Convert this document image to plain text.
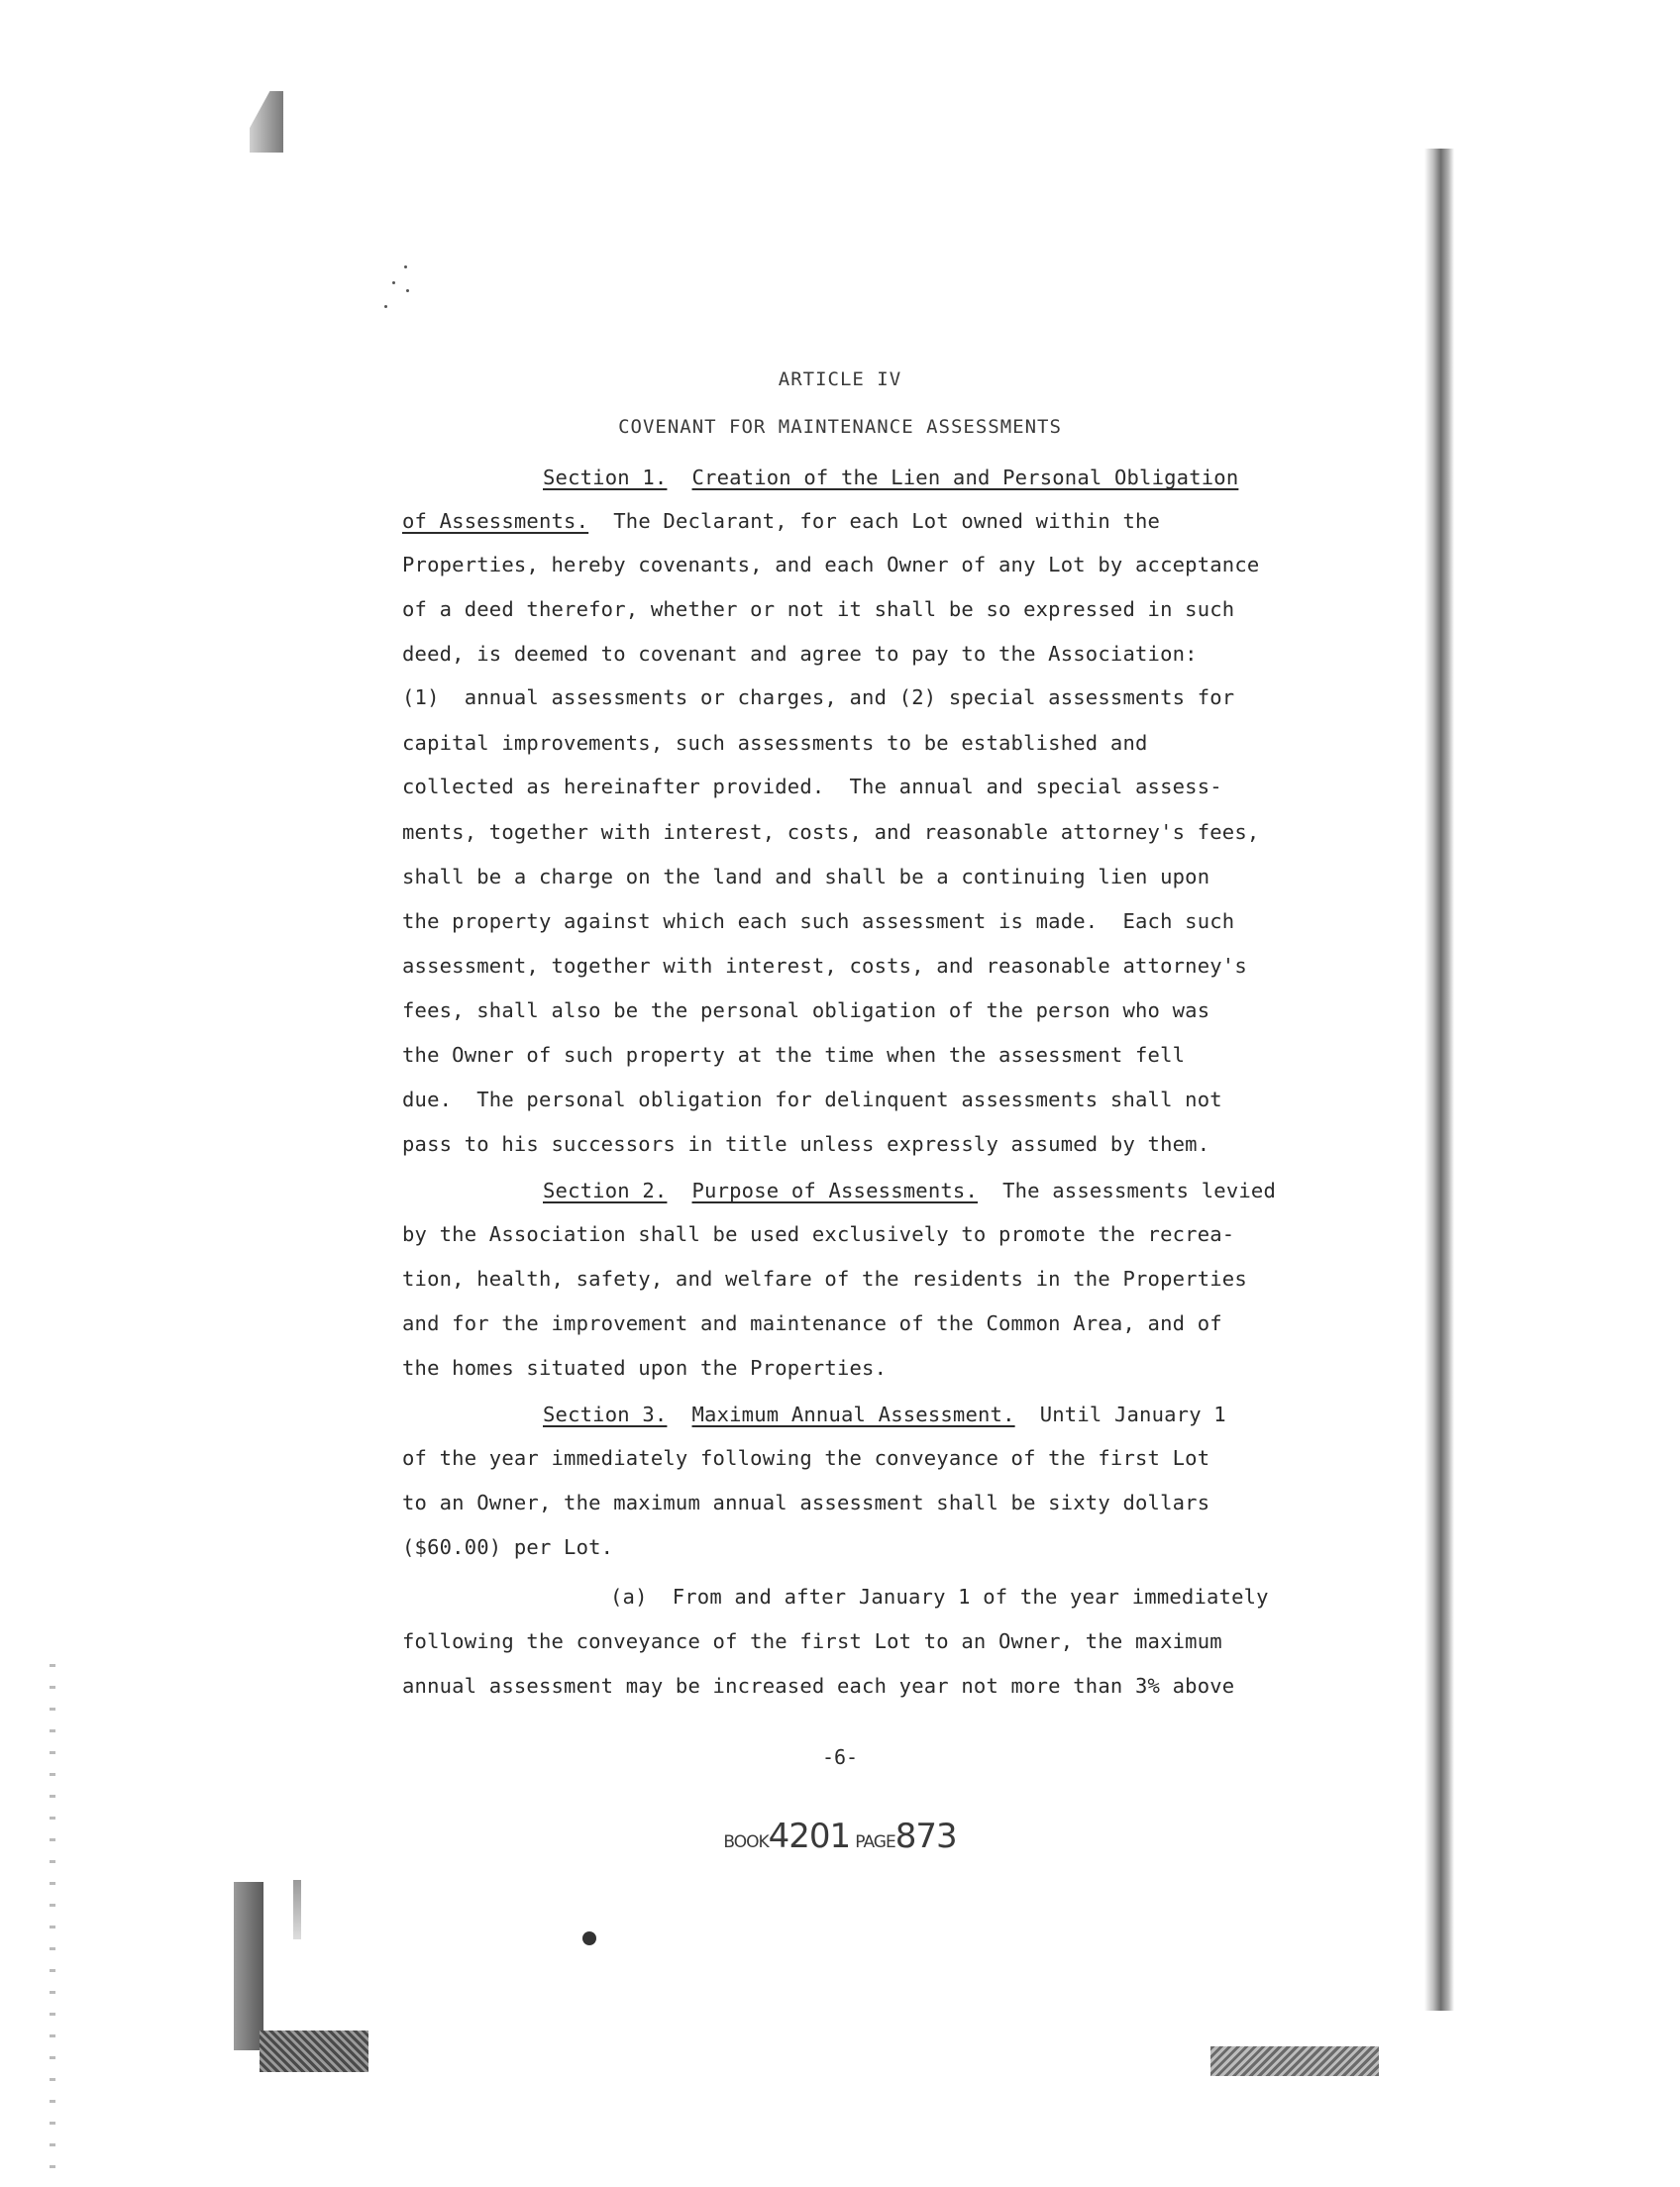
ARTICLE IV
COVENANT FOR MAINTENANCE ASSESSMENTS
Section 1. Creation of the Lien and Personal Obligation
of Assessments. The Declarant, for each Lot owned within the
Properties, hereby covenants, and each Owner of any Lot by acceptance
of a deed therefor, whether or not it shall be so expressed in such
deed, is deemed to covenant and agree to pay to the Association:
(1)  annual assessments or charges, and (2) special assessments for
capital improvements, such assessments to be established and
collected as hereinafter provided.  The annual and special assess-
ments, together with interest, costs, and reasonable attorney's fees,
shall be a charge on the land and shall be a continuing lien upon
the property against which each such assessment is made.  Each such
assessment, together with interest, costs, and reasonable attorney's
fees, shall also be the personal obligation of the person who was
the Owner of such property at the time when the assessment fell
due.  The personal obligation for delinquent assessments shall not
pass to his successors in title unless expressly assumed by them.
Section 2. Purpose of Assessments. The assessments levied
by the Association shall be used exclusively to promote the recrea-
tion, health, safety, and welfare of the residents in the Properties
and for the improvement and maintenance of the Common Area, and of
the homes situated upon the Properties.
Section 3. Maximum Annual Assessment. Until January 1
of the year immediately following the conveyance of the first Lot
to an Owner, the maximum annual assessment shall be sixty dollars
($60.00) per Lot.
(a)  From and after January 1 of the year immediately
following the conveyance of the first Lot to an Owner, the maximum
annual assessment may be increased each year not more than 3% above
-6-
BOOK4201 PAGE873
